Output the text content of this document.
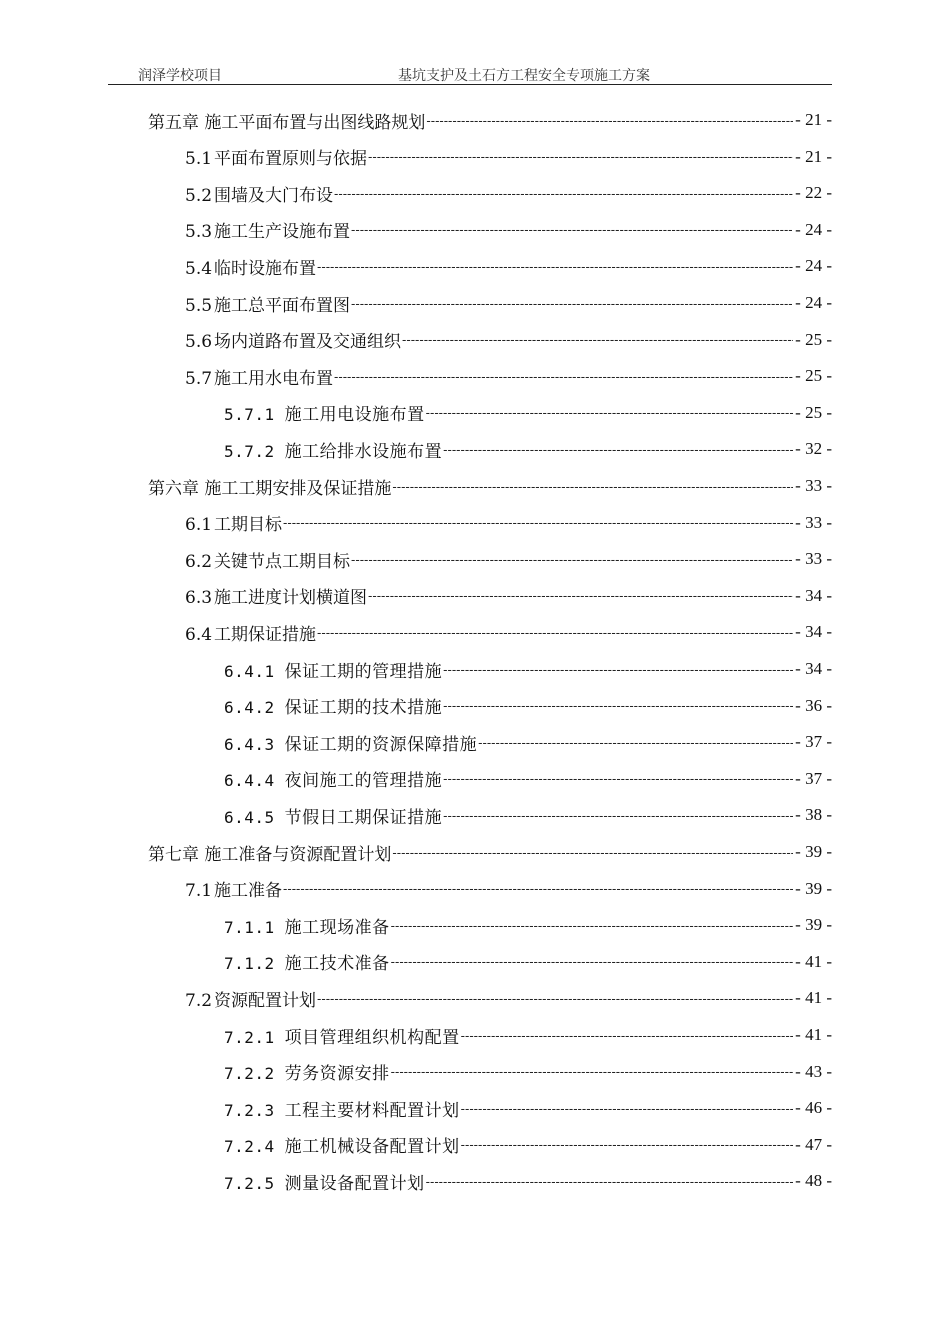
润泽学校项目	基坑支护及土石方工程安全专项施工方案
第五章 施工平面布置与出图线路规划 -----	- 21 -
5.1 平面布置原则与依据 -----	- 21 -
5.2 围墙及大门布设 -----	- 22 -
5.3 施工生产设施布置 -----	- 24 -
5.4 临时设施布置 -----	- 24 -
5.5 施工总平面布置图 -----	- 24 -
5.6 场内道路布置及交通组织 -----	- 25 -
5.7 施工用水电布置 -----	- 25 -
5.7.1 施工用电设施布置 -----	- 25 -
5.7.2 施工给排水设施布置 -----	- 32 -
第六章 施工工期安排及保证措施 -----	- 33 -
6.1 工期目标 -----	- 33 -
6.2 关键节点工期目标 -----	- 33 -
6.3 施工进度计划横道图 -----	- 34 -
6.4 工期保证措施 -----	- 34 -
6.4.1 保证工期的管理措施 -----	- 34 -
6.4.2 保证工期的技术措施 -----	- 36 -
6.4.3 保证工期的资源保障措施 -----	- 37 -
6.4.4 夜间施工的管理措施 -----	- 37 -
6.4.5 节假日工期保证措施 -----	- 38 -
第七章 施工准备与资源配置计划 -----	- 39 -
7.1 施工准备 -----	- 39 -
7.1.1 施工现场准备 -----	- 39 -
7.1.2 施工技术准备 -----	- 41 -
7.2 资源配置计划 -----	- 41 -
7.2.1 项目管理组织机构配置 -----	- 41 -
7.2.2 劳务资源安排 -----	- 43 -
7.2.3 工程主要材料配置计划 -----	- 46 -
7.2.4 施工机械设备配置计划 -----	- 47 -
7.2.5 测量设备配置计划 -----	- 48 -
